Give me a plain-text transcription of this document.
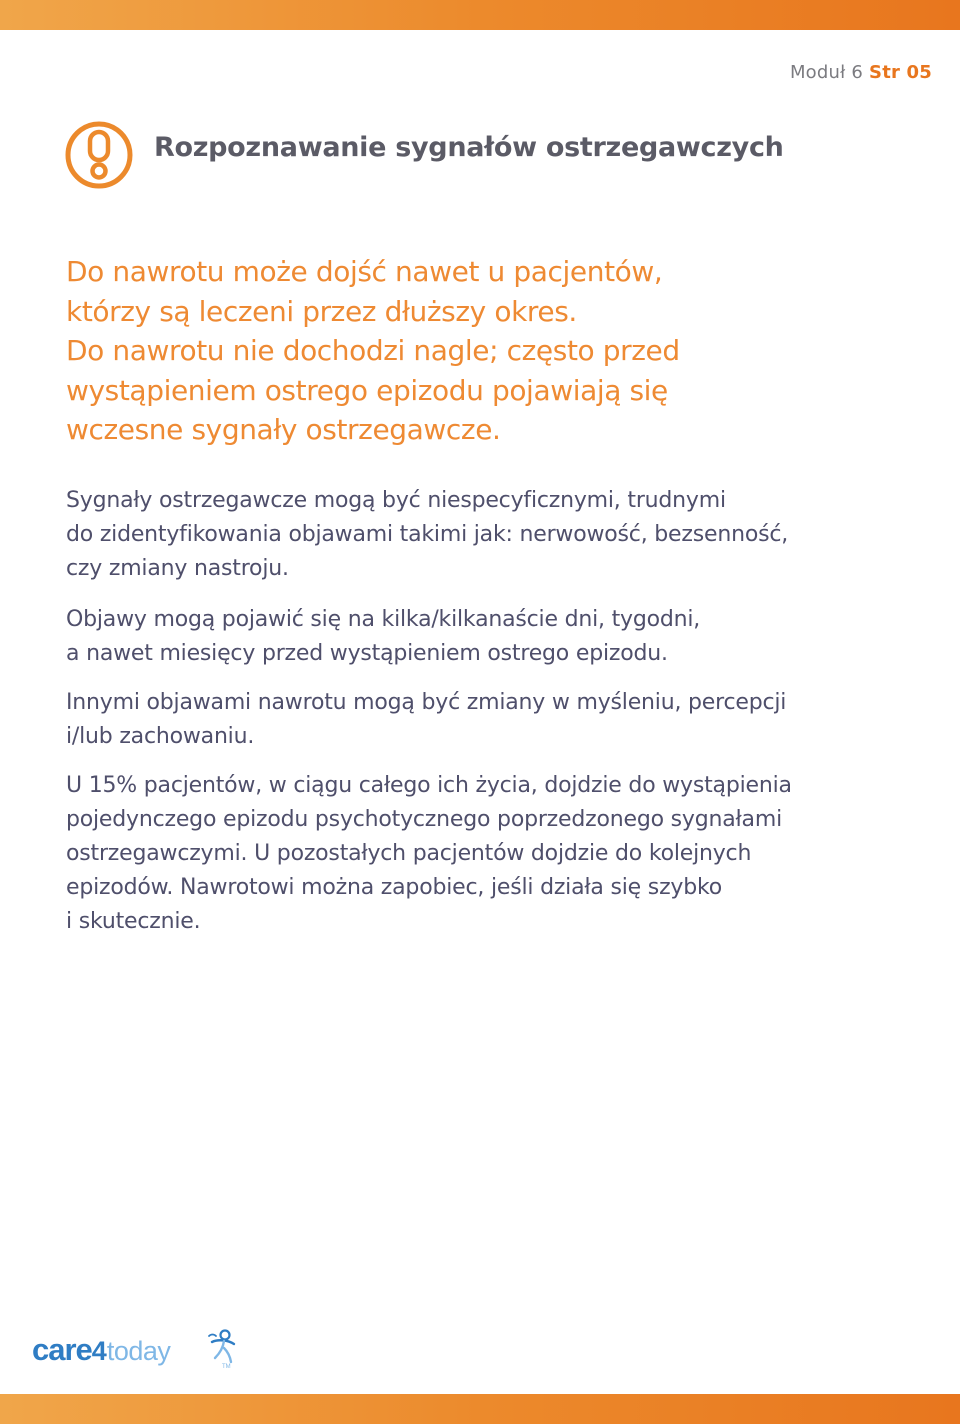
Moduł 6 Str 05
Rozpoznawanie sygnałów ostrzegawczych
Do nawrotu może dojść nawet u pacjentów,
którzy są leczeni przez dłuższy okres.
Do nawrotu nie dochodzi nagle; często przed
wystąpieniem ostrego epizodu pojawiają się
wczesne sygnały ostrzegawcze.
Sygnały ostrzegawcze mogą być niespecyficznymi, trudnymi
do zidentyfikowania objawami takimi jak: nerwowość, bezsenność,
czy zmiany nastroju.
Objawy mogą pojawić się na kilka/kilkanaście dni, tygodni,
a nawet miesięcy przed wystąpieniem ostrego epizodu.
Innymi objawami nawrotu mogą być zmiany w myśleniu, percepcji
i/lub zachowaniu.
U 15% pacjentów, w ciągu całego ich życia, dojdzie do wystąpienia
pojedynczego epizodu psychotycznego poprzedzonego sygnałami
ostrzegawczymi. U pozostałych pacjentów dojdzie do kolejnych
epizodów. Nawrotowi można zapobiec, jeśli działa się szybko
i skutecznie.
care4today
TM
